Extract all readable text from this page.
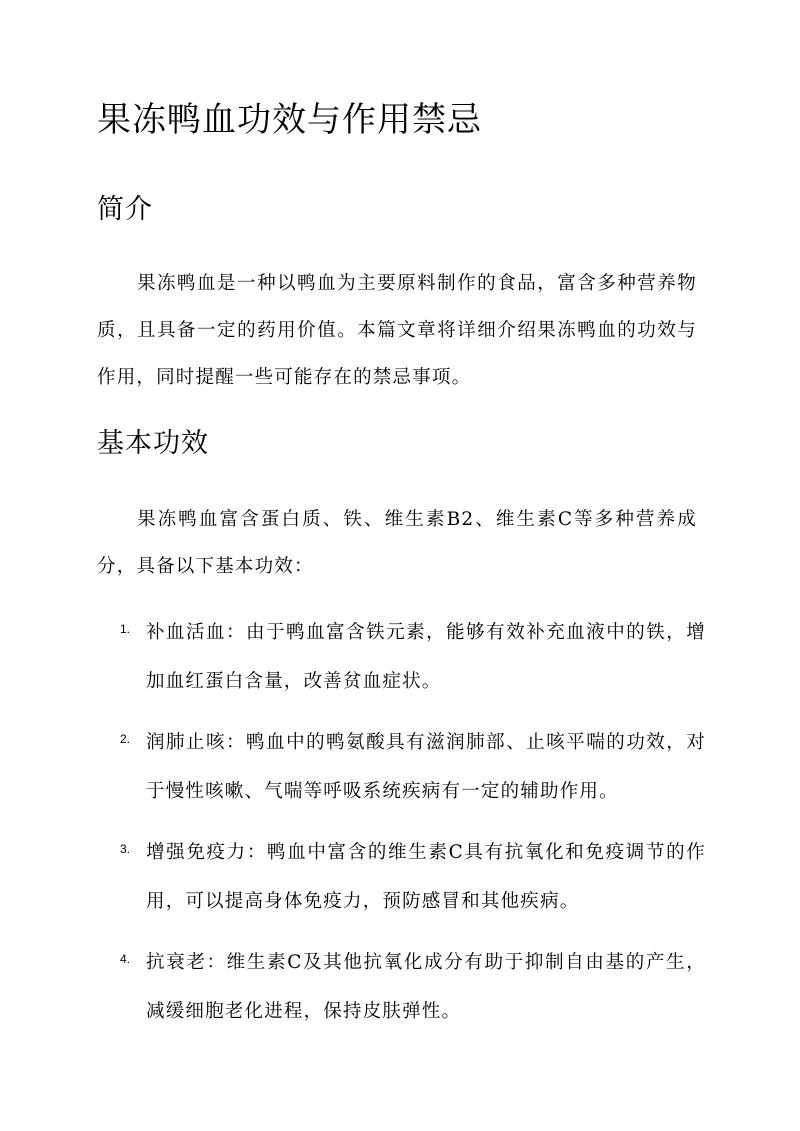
果冻鸭血功效与作用禁忌
简介

果冻鸭血是一种以鸭血为主要原料制作的食品，富含多种营养物质，且具备一定的药用价值。本篇文章将详细介绍果冻鸭血的功效与作用，同时提醒一些可能存在的禁忌事项。

基本功效

果冻鸭血富含蛋白质、铁、维生素B2、维生素C等多种营养成分，具备以下基本功效：

1. 补血活血：由于鸭血富含铁元素，能够有效补充血液中的铁，增加血红蛋白含量，改善贫血症状。
2. 润肺止咳：鸭血中的鸭氨酸具有滋润肺部、止咳平喘的功效，对于慢性咳嗽、气喘等呼吸系统疾病有一定的辅助作用。
3. 增强免疫力：鸭血中富含的维生素C具有抗氧化和免疫调节的作用，可以提高身体免疫力，预防感冒和其他疾病。
4. 抗衰老：维生素C及其他抗氧化成分有助于抑制自由基的产生，减缓细胞老化进程，保持皮肤弹性。
